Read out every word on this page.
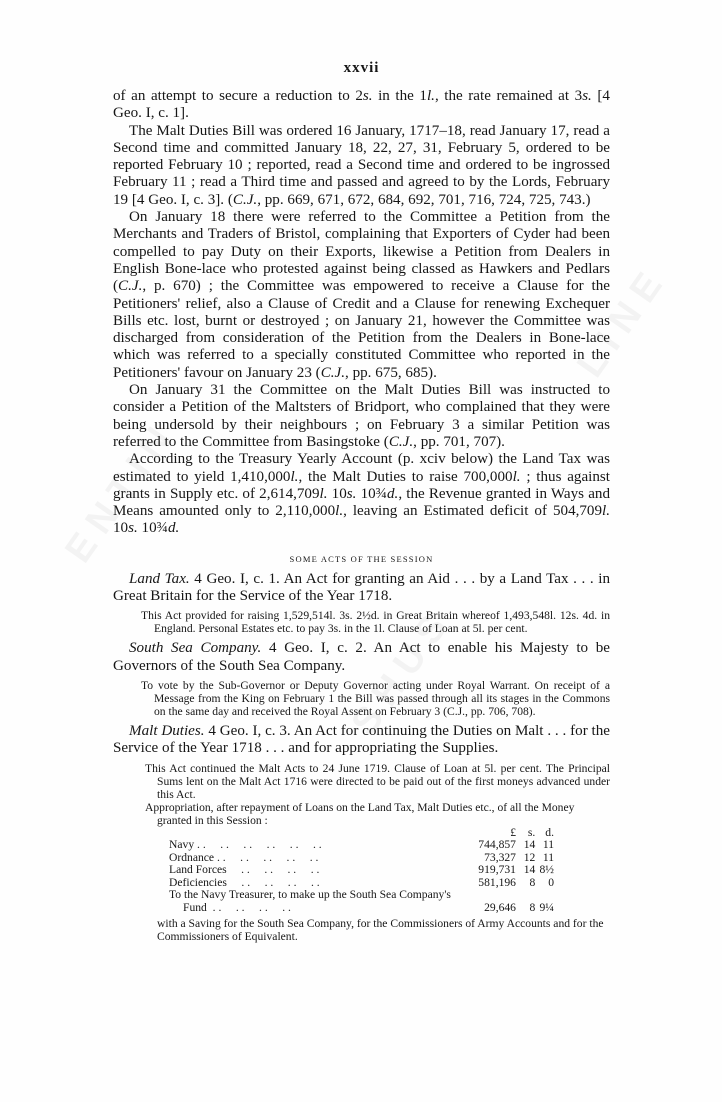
xxvii

of an attempt to secure a reduction to 2s. in the 1l., the rate remained at 3s. [4 Geo. I, c. 1].

The Malt Duties Bill was ordered 16 January, 1717–18, read January 17, read a Second time and committed January 18, 22, 27, 31, February 5, ordered to be reported February 10 ; reported, read a Second time and ordered to be ingrossed February 11 ; read a Third time and passed and agreed to by the Lords, February 19 [4 Geo. I, c. 3]. (C.J., pp. 669, 671, 672, 684, 692, 701, 716, 724, 725, 743.)

On January 18 there were referred to the Committee a Petition from the Merchants and Traders of Bristol, complaining that Exporters of Cyder had been compelled to pay Duty on their Exports, likewise a Petition from Dealers in English Bone-lace who protested against being classed as Hawkers and Pedlars (C.J., p. 670) ; the Committee was empowered to receive a Clause for the Petitioners' relief, also a Clause of Credit and a Clause for renewing Exchequer Bills etc. lost, burnt or destroyed ; on January 21, however the Committee was discharged from consideration of the Petition from the Dealers in Bone-lace which was referred to a specially constituted Committee who reported in the Petitioners' favour on January 23 (C.J., pp. 675, 685).

On January 31 the Committee on the Malt Duties Bill was instructed to consider a Petition of the Maltsters of Bridport, who complained that they were being undersold by their neighbours ; on February 3 a similar Petition was referred to the Committee from Basingstoke (C.J., pp. 701, 707).

According to the Treasury Yearly Account (p. xciv below) the Land Tax was estimated to yield 1,410,000l., the Malt Duties to raise 700,000l. ; thus against grants in Supply etc. of 2,614,709l. 10s. 10¾d., the Revenue granted in Ways and Means amounted only to 2,110,000l., leaving an Estimated deficit of 504,709l. 10s. 10¾d.

SOME ACTS OF THE SESSION

Land Tax. 4 Geo. I, c. 1. An Act for granting an Aid . . . by a Land Tax . . . in Great Britain for the Service of the Year 1718.

This Act provided for raising 1,529,514l. 3s. 2½d. in Great Britain whereof 1,493,548l. 12s. 4d. in England. Personal Estates etc. to pay 3s. in the 1l. Clause of Loan at 5l. per cent.

South Sea Company. 4 Geo. I, c. 2. An Act to enable his Majesty to be Governors of the South Sea Company.

To vote by the Sub-Governor or Deputy Governor acting under Royal Warrant. On receipt of a Message from the King on February 1 the Bill was passed through all its stages in the Commons on the same day and received the Royal Assent on February 3 (C.J., pp. 706, 708).

Malt Duties. 4 Geo. I, c. 3. An Act for continuing the Duties on Malt . . . for the Service of the Year 1718 . . . and for appropriating the Supplies.

This Act continued the Malt Acts to 24 June 1719. Clause of Loan at 5l. per cent. The Principal Sums lent on the Malt Act 1716 were directed to be paid out of the first moneys advanced under this Act.
Appropriation, after repayment of Loans on the Land Tax, Malt Duties etc., of all the Money granted in this Session :
	£	s.	d.
Navy . .     . .     . .     . .     . .     . .	744,857	14	11
Ordnance . .     . .     . .     . .     . .	73,327	12	11
Land Forces     . .     . .     . .     . .	919,731	14	8½
Deficiencies     . .     . .     . .     . .	581,196	8	0
To the Navy Treasurer, to make up the South Sea Company's Fund  . .     . .     . .     . .	29,646	8	9¼
with a Saving for the South Sea Company, for the Commissioners of Army Accounts and for the Commissioners of Equivalent.
